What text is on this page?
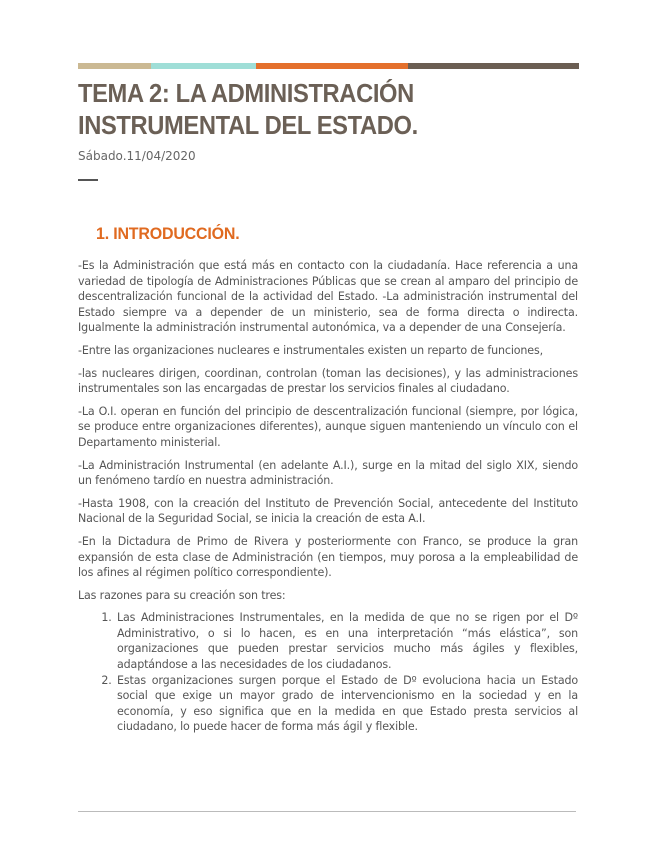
TEMA 2: LA ADMINISTRACIÓN INSTRUMENTAL DEL ESTADO.
Sábado.11/04/2020
1. INTRODUCCIÓN.

-Es la Administración que está más en contacto con la ciudadanía. Hace referencia a una variedad de tipología de Administraciones Públicas que se crean al amparo del principio de descentralización funcional de la actividad del Estado. -La administración instrumental del Estado siempre va a depender de un ministerio, sea de forma directa o indirecta. Igualmente la administración instrumental autonómica, va a depender de una Consejería.

-Entre las organizaciones nucleares e instrumentales existen un reparto de funciones,

-las nucleares dirigen, coordinan, controlan (toman las decisiones), y las administraciones instrumentales son las encargadas de prestar los servicios finales al ciudadano.

-La O.I. operan en función del principio de descentralización funcional (siempre, por lógica, se produce entre organizaciones diferentes), aunque siguen manteniendo un vínculo con el Departamento ministerial.

-La Administración Instrumental (en adelante A.I.), surge en la mitad del siglo XIX, siendo un fenómeno tardío en nuestra administración.

-Hasta 1908, con la creación del Instituto de Prevención Social, antecedente del Instituto Nacional de la Seguridad Social, se inicia la creación de esta A.I.

-En la Dictadura de Primo de Rivera y posteriormente con Franco, se produce la gran expansión de esta clase de Administración (en tiempos, muy porosa a la empleabilidad de los afines al régimen político correspondiente).

Las razones para su creación son tres:

1. Las Administraciones Instrumentales, en la medida de que no se rigen por el Dº Administrativo, o si lo hacen, es en una interpretación “más elástica”, son organizaciones que pueden prestar servicios mucho más ágiles y flexibles, adaptándose a las necesidades de los ciudadanos.
2. Estas organizaciones surgen porque el Estado de Dº evoluciona hacia un Estado social que exige un mayor grado de intervencionismo en la sociedad y en la economía, y eso significa que en la medida en que Estado presta servicios al ciudadano, lo puede hacer de forma más ágil y flexible.
